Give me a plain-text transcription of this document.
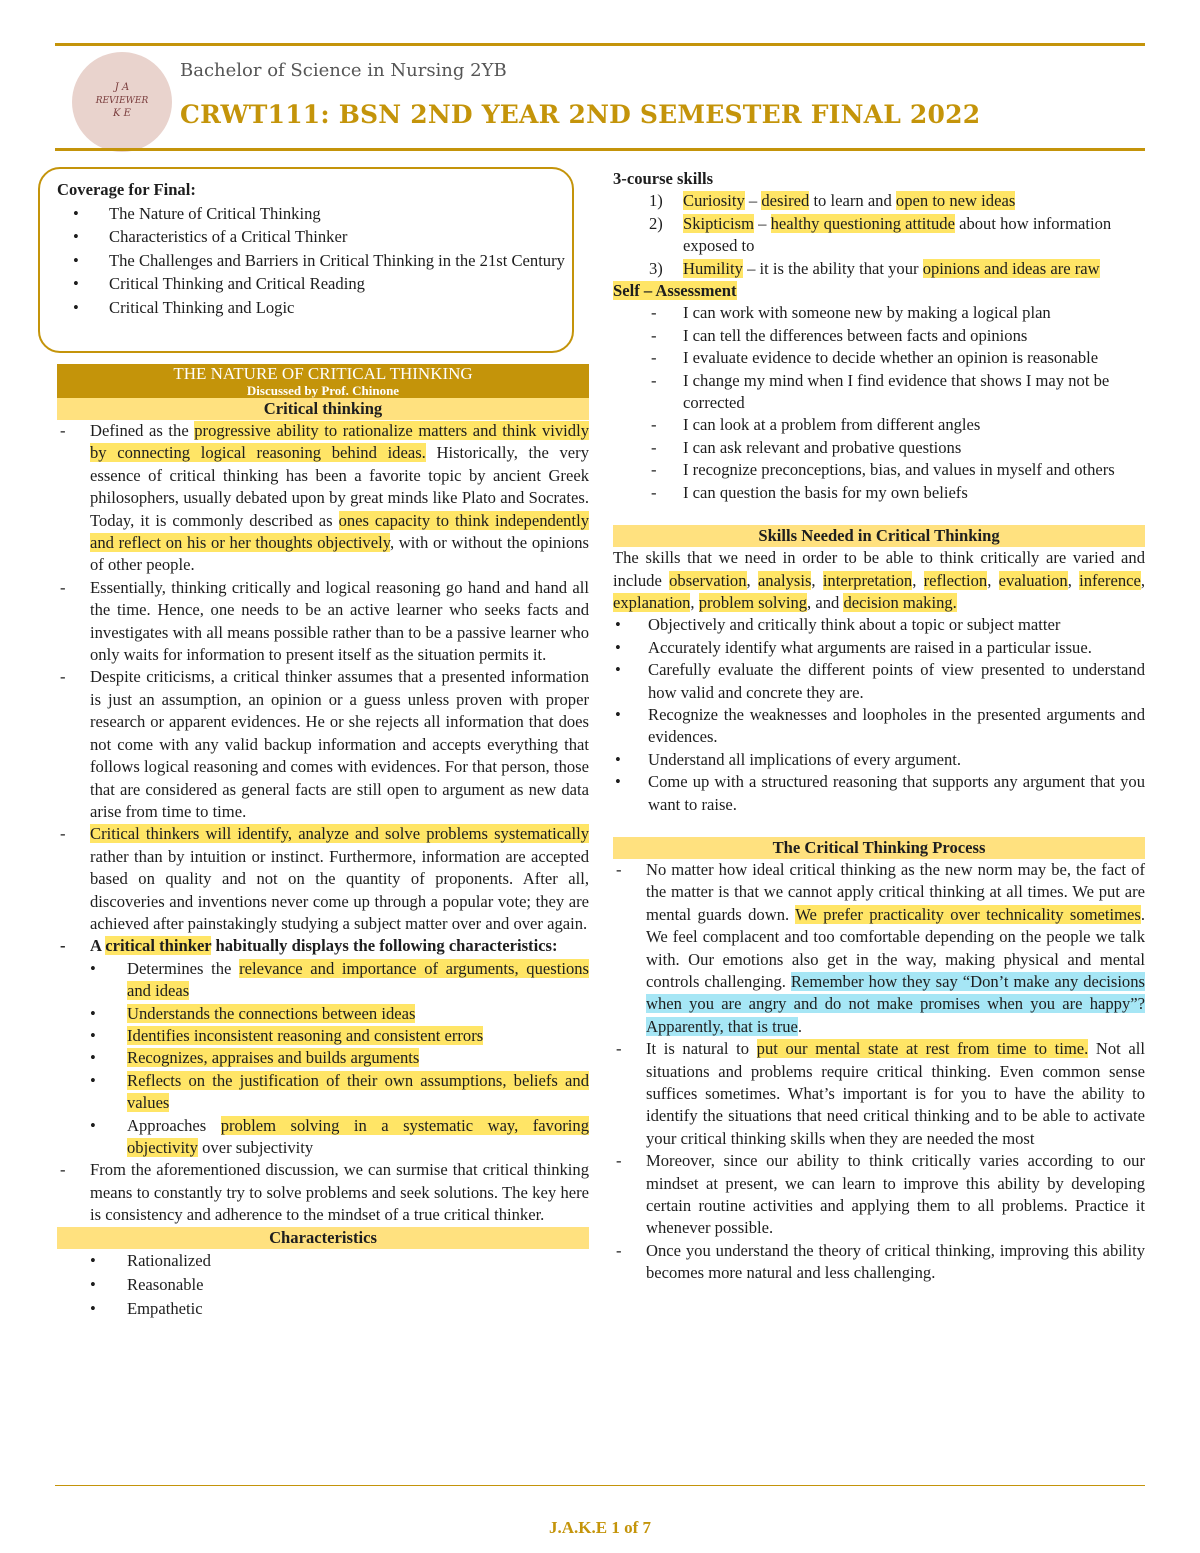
J A
REVIEWER
K E
Bachelor of Science in Nursing 2YB
CRWT111: BSN 2ND YEAR 2ND SEMESTER FINAL 2022
Coverage for Final:
• The Nature of Critical Thinking
• Characteristics of a Critical Thinker
• The Challenges and Barriers in Critical Thinking in the 21st Century
• Critical Thinking and Critical Reading
• Critical Thinking and Logic
THE NATURE OF CRITICAL THINKING
Discussed by Prof. Chinone
Critical thinking
- Defined as the progressive ability to rationalize matters and think vividly by connecting logical reasoning behind ideas. Historically, the very essence of critical thinking has been a favorite topic by ancient Greek philosophers, usually debated upon by great minds like Plato and Socrates. Today, it is commonly described as ones capacity to think independently and reflect on his or her thoughts objectively, with or without the opinions of other people.
- Essentially, thinking critically and logical reasoning go hand and hand all the time. Hence, one needs to be an active learner who seeks facts and investigates with all means possible rather than to be a passive learner who only waits for information to present itself as the situation permits it.
- Despite criticisms, a critical thinker assumes that a presented information is just an assumption, an opinion or a guess unless proven with proper research or apparent evidences. He or she rejects all information that does not come with any valid backup information and accepts everything that follows logical reasoning and comes with evidences. For that person, those that are considered as general facts are still open to argument as new data arise from time to time.
- Critical thinkers will identify, analyze and solve problems systematically rather than by intuition or instinct. Furthermore, information are accepted based on quality and not on the quantity of proponents. After all, discoveries and inventions never come up through a popular vote; they are achieved after painstakingly studying a subject matter over and over again.
- A critical thinker habitually displays the following characteristics:
• Determines the relevance and importance of arguments, questions and ideas
• Understands the connections between ideas
• Identifies inconsistent reasoning and consistent errors
• Recognizes, appraises and builds arguments
• Reflects on the justification of their own assumptions, beliefs and values
• Approaches problem solving in a systematic way, favoring objectivity over subjectivity
- From the aforementioned discussion, we can surmise that critical thinking means to constantly try to solve problems and seek solutions. The key here is consistency and adherence to the mindset of a true critical thinker.
Characteristics
• Rationalized
• Reasonable
• Empathetic
3-course skills
1) Curiosity – desired to learn and open to new ideas
2) Skipticism – healthy questioning attitude about how information exposed to
3) Humility – it is the ability that your opinions and ideas are raw
Self – Assessment
- I can work with someone new by making a logical plan
- I can tell the differences between facts and opinions
- I evaluate evidence to decide whether an opinion is reasonable
- I change my mind when I find evidence that shows I may not be corrected
- I can look at a problem from different angles
- I can ask relevant and probative questions
- I recognize preconceptions, bias, and values in myself and others
- I can question the basis for my own beliefs
Skills Needed in Critical Thinking
The skills that we need in order to be able to think critically are varied and include observation, analysis, interpretation, reflection, evaluation, inference, explanation, problem solving, and decision making.
• Objectively and critically think about a topic or subject matter
• Accurately identify what arguments are raised in a particular issue.
• Carefully evaluate the different points of view presented to understand how valid and concrete they are.
• Recognize the weaknesses and loopholes in the presented arguments and evidences.
• Understand all implications of every argument.
• Come up with a structured reasoning that supports any argument that you want to raise.
The Critical Thinking Process
- No matter how ideal critical thinking as the new norm may be, the fact of the matter is that we cannot apply critical thinking at all times. We put are mental guards down. We prefer practicality over technicality sometimes. We feel complacent and too comfortable depending on the people we talk with. Our emotions also get in the way, making physical and mental controls challenging. Remember how they say “Don’t make any decisions when you are angry and do not make promises when you are happy”? Apparently, that is true.
- It is natural to put our mental state at rest from time to time. Not all situations and problems require critical thinking. Even common sense suffices sometimes. What’s important is for you to have the ability to identify the situations that need critical thinking and to be able to activate your critical thinking skills when they are needed the most
- Moreover, since our ability to think critically varies according to our mindset at present, we can learn to improve this ability by developing certain routine activities and applying them to all problems. Practice it whenever possible.
- Once you understand the theory of critical thinking, improving this ability becomes more natural and less challenging.
J.A.K.E 1 of 7
